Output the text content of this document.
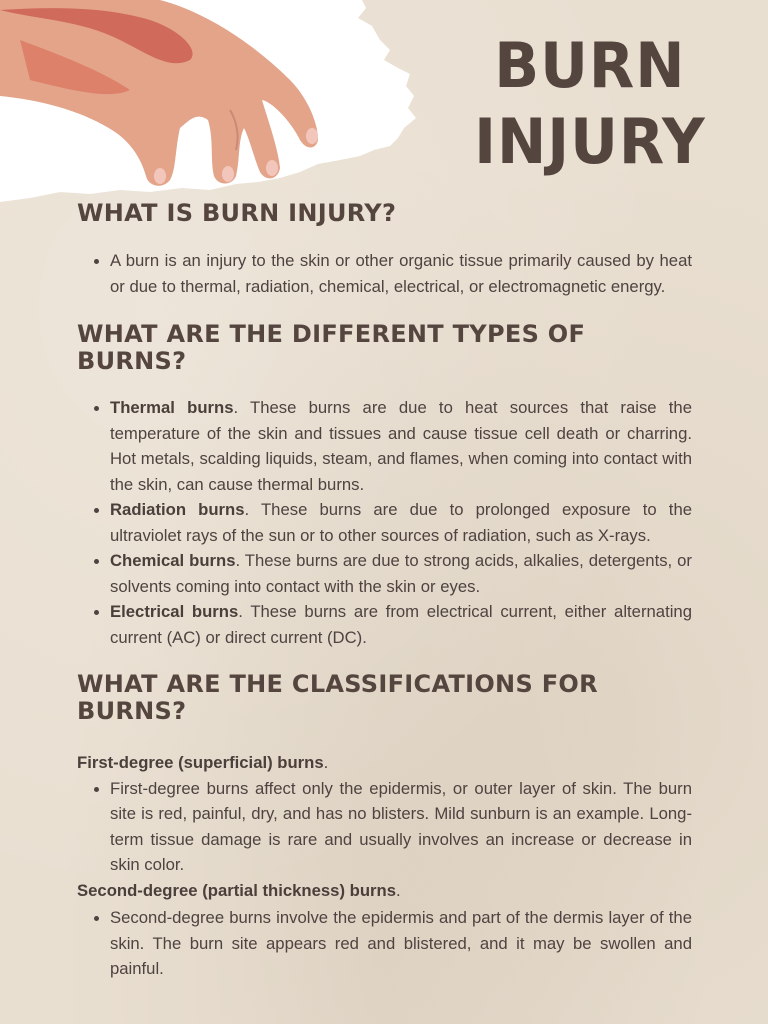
BURN
INJURY
WHAT IS BURN INJURY?
A burn is an injury to the skin or other organic tissue primarily caused by heat or due to thermal, radiation, chemical, electrical, or electromagnetic energy.
WHAT ARE THE DIFFERENT TYPES OF BURNS?
Thermal burns. These burns are due to heat sources that raise the temperature of the skin and tissues and cause tissue cell death or charring. Hot metals, scalding liquids, steam, and flames, when coming into contact with the skin, can cause thermal burns.
Radiation burns. These burns are due to prolonged exposure to the ultraviolet rays of the sun or to other sources of radiation, such as X-rays.
Chemical burns. These burns are due to strong acids, alkalies, detergents, or solvents coming into contact with the skin or eyes.
Electrical burns. These burns are from electrical current, either alternating current (AC) or direct current (DC).
WHAT ARE THE CLASSIFICATIONS FOR BURNS?

First-degree (superficial) burns.

First-degree burns affect only the epidermis, or outer layer of skin. The burn site is red, painful, dry, and has no blisters. Mild sunburn is an example. Long-term tissue damage is rare and usually involves an increase or decrease in skin color.

Second-degree (partial thickness) burns.

Second-degree burns involve the epidermis and part of the dermis layer of the skin. The burn site appears red and blistered, and it may be swollen and painful.
